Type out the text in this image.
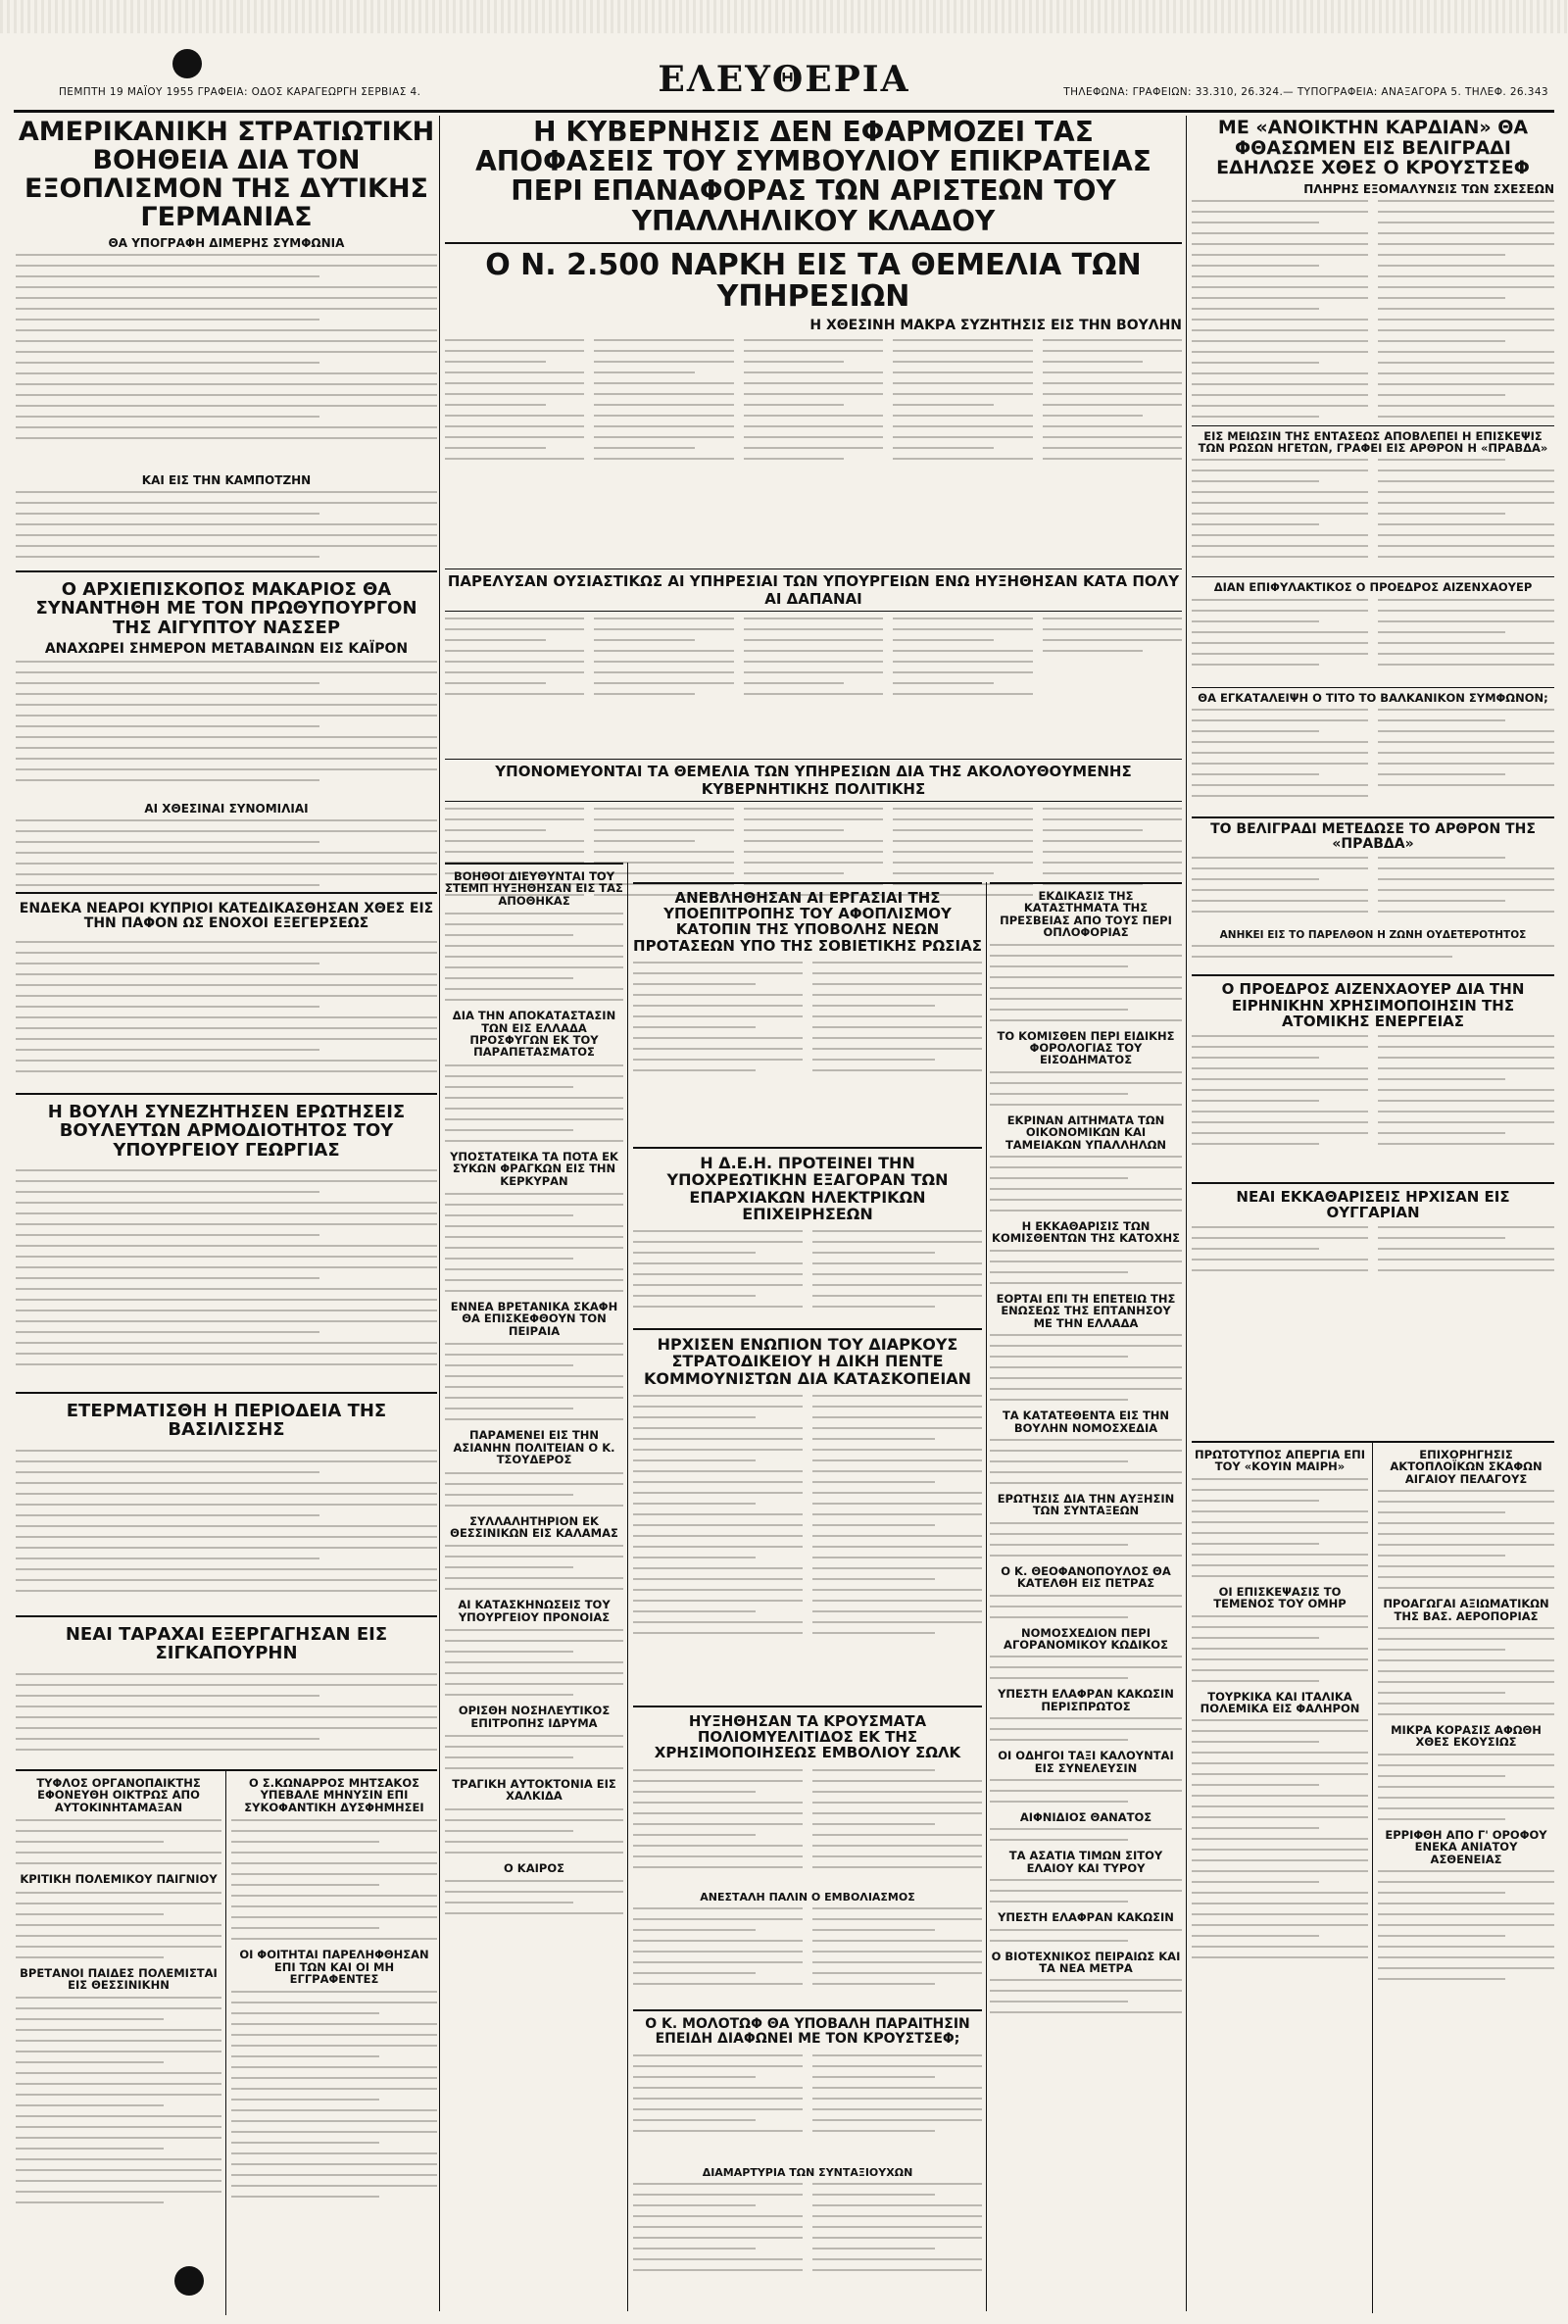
ΠΕΜΠΤΗ 19 ΜΑΪΟΥ 1955 ΓΡΑΦΕΙΑ: ΟΔΟΣ ΚΑΡΑΓΕΩΡΓΗ ΣΕΡΒΙΑΣ 4.	ΕΛΕΥΘΕΡΙΑ	ΤΗΛΕΦΩΝΑ: ΓΡΑΦΕΙΩΝ: 33.310, 26.324.— ΤΥΠΟΓΡΑΦΕΙΑ: ΑΝΑΞΑΓΟΡΑ 5. ΤΗΛΕΦ. 26.343
ΑΜΕΡΙΚΑΝΙΚΗ ΣΤΡΑΤΙΩΤΙΚΗ ΒΟΗΘΕΙΑ ΔΙΑ ΤΟΝ ΕΞΟΠΛΙΣΜΟΝ ΤΗΣ ΔΥΤΙΚΗΣ ΓΕΡΜΑΝΙΑΣ
ΘΑ ΥΠΟΓΡΑΦΗ ΔΙΜΕΡΗΣ ΣΥΜΦΩΝΙΑ
ΚΑΙ ΕΙΣ ΤΗΝ ΚΑΜΠΟΤΖΗΝ
Ο ΑΡΧΙΕΠΙΣΚΟΠΟΣ ΜΑΚΑΡΙΟΣ ΘΑ ΣΥΝΑΝΤΗΘΗ ΜΕ ΤΟΝ ΠΡΩΘΥΠΟΥΡΓΟΝ ΤΗΣ ΑΙΓΥΠΤΟΥ ΝΑΣΣΕΡ
ΑΝΑΧΩΡΕΙ ΣΗΜΕΡΟΝ ΜΕΤΑΒΑΙΝΩΝ ΕΙΣ ΚΑΪΡΟΝ
ΑΙ ΧΘΕΣΙΝΑΙ ΣΥΝΟΜΙΛΙΑΙ
ΕΝΔΕΚΑ ΝΕΑΡΟΙ ΚΥΠΡΙΟΙ ΚΑΤΕΔΙΚΑΣΘΗΣΑΝ ΧΘΕΣ ΕΙΣ ΤΗΝ ΠΑΦΟΝ ΩΣ ΕΝΟΧΟΙ ΕΞΕΓΕΡΣΕΩΣ
Η ΒΟΥΛΗ ΣΥΝΕΖΗΤΗΣΕΝ ΕΡΩΤΗΣΕΙΣ ΒΟΥΛΕΥΤΩΝ ΑΡΜΟΔΙΟΤΗΤΟΣ ΤΟΥ ΥΠΟΥΡΓΕΙΟΥ ΓΕΩΡΓΙΑΣ
ΕΤΕΡΜΑΤΙΣΘΗ Η ΠΕΡΙΟΔΕΙΑ ΤΗΣ ΒΑΣΙΛΙΣΣΗΣ
ΝΕΑΙ ΤΑΡΑΧΑΙ ΕΞΕΡΓΑΓΗΣΑΝ ΕΙΣ ΣΙΓΚΑΠΟΥΡΗΝ
ΤΥΦΛΟΣ ΟΡΓΑΝΟΠΑΙΚΤΗΣ ΕΦΟΝΕΥΘΗ ΟΙΚΤΡΩΣ ΑΠΟ ΑΥΤΟΚΙΝΗΤΑΜΑΞΑΝ
ΚΡΙΤΙΚΗ ΠΟΛΕΜΙΚΟΥ ΠΑΙΓΝΙΟΥ
ΒΡΕΤΑΝΟΙ ΠΑΙΔΕΣ ΠΟΛΕΜΙΣΤΑΙ ΕΙΣ ΘΕΣΣΙΝΙΚΗΝ
Ο Σ.ΚΩΝΑΡΡΟΣ ΜΗΤΣΑΚΟΣ ΥΠΕΒΑΛΕ ΜΗΝΥΣΙΝ ΕΠΙ ΣΥΚΟΦΑΝΤΙΚΗ ΔΥΣΦΗΜΗΣΕΙ
ΟΙ ΦΟΙΤΗΤΑΙ ΠΑΡΕΛΗΦΘΗΣΑΝ ΕΠΙ ΤΩΝ ΚΑΙ ΟΙ ΜΗ ΕΓΓΡΑΦΕΝΤΕΣ
Η ΚΥΒΕΡΝΗΣΙΣ ΔΕΝ ΕΦΑΡΜΟΖΕΙ ΤΑΣ ΑΠΟΦΑΣΕΙΣ ΤΟΥ ΣΥΜΒΟΥΛΙΟΥ ΕΠΙΚΡΑΤΕΙΑΣ ΠΕΡΙ ΕΠΑΝΑΦΟΡΑΣ ΤΩΝ ΑΡΙΣΤΕΩΝ ΤΟΥ ΥΠΑΛΛΗΛΙΚΟΥ ΚΛΑΔΟΥ
Ο Ν. 2.500 ΝΑΡΚΗ ΕΙΣ ΤΑ ΘΕΜΕΛΙΑ ΤΩΝ ΥΠΗΡΕΣΙΩΝ
Η ΧΘΕΣΙΝΗ ΜΑΚΡΑ ΣΥΖΗΤΗΣΙΣ ΕΙΣ ΤΗΝ ΒΟΥΛΗΝ
ΠΑΡΕΛΥΣΑΝ ΟΥΣΙΑΣΤΙΚΩΣ ΑΙ ΥΠΗΡΕΣΙΑΙ ΤΩΝ ΥΠΟΥΡΓΕΙΩΝ ΕΝΩ ΗΥΞΗΘΗΣΑΝ ΚΑΤΑ ΠΟΛΥ ΑΙ ΔΑΠΑΝΑΙ
ΥΠΟΝΟΜΕΥΟΝΤΑΙ ΤΑ ΘΕΜΕΛΙΑ ΤΩΝ ΥΠΗΡΕΣΙΩΝ ΔΙΑ ΤΗΣ ΑΚΟΛΟΥΘΟΥΜΕΝΗΣ ΚΥΒΕΡΝΗΤΙΚΗΣ ΠΟΛΙΤΙΚΗΣ
ΒΟΗΘΟΙ ΔΙΕΥΘΥΝΤΑΙ ΤΟΥ ΣΤΕΜΠ ΗΥΞΗΘΗΣΑΝ ΕΙΣ ΤΑΣ ΑΠΟΘΗΚΑΣ
ΔΙΑ ΤΗΝ ΑΠΟΚΑΤΑΣΤΑΣΙΝ ΤΩΝ ΕΙΣ ΕΛΛΑΔΑ ΠΡΟΣΦΥΓΩΝ ΕΚ ΤΟΥ ΠΑΡΑΠΕΤΑΣΜΑΤΟΣ
ΥΠΟΣΤΑΤΕΙΚΑ ΤΑ ΠΟΤΑ ΕΚ ΣΥΚΩΝ ΦΡΑΓΚΩΝ ΕΙΣ ΤΗΝ ΚΕΡΚΥΡΑΝ
ΕΝΝΕΑ ΒΡΕΤΑΝΙΚΑ ΣΚΑΦΗ ΘΑ ΕΠΙΣΚΕΦΘΟΥΝ ΤΟΝ ΠΕΙΡΑΙΑ
ΠΑΡΑΜΕΝΕΙ ΕΙΣ ΤΗΝ ΑΣΙΑΝΗΝ ΠΟΛΙΤΕΙΑΝ Ο Κ. ΤΣΟΥΔΕΡΟΣ
ΣΥΛΛΑΛΗΤΗΡΙΟΝ ΕΚ ΘΕΣΣΙΝΙΚΩΝ ΕΙΣ ΚΑΛΑΜΑΣ
ΑΙ ΚΑΤΑΣΚΗΝΩΣΕΙΣ ΤΟΥ ΥΠΟΥΡΓΕΙΟΥ ΠΡΟΝΟΙΑΣ
ΟΡΙΣΘΗ ΝΟΣΗΛΕΥΤΙΚΟΣ ΕΠΙΤΡΟΠΗΣ ΙΔΡΥΜΑ
ΤΡΑΓΙΚΗ ΑΥΤΟΚΤΟΝΙΑ ΕΙΣ ΧΑΛΚΙΔΑ
Ο ΚΑΙΡΟΣ
ΑΝΕΒΛΗΘΗΣΑΝ ΑΙ ΕΡΓΑΣΙΑΙ ΤΗΣ ΥΠΟΕΠΙΤΡΟΠΗΣ ΤΟΥ ΑΦΟΠΛΙΣΜΟΥ ΚΑΤΟΠΙΝ ΤΗΣ ΥΠΟΒΟΛΗΣ ΝΕΩΝ ΠΡΟΤΑΣΕΩΝ ΥΠΟ ΤΗΣ ΣΟΒΙΕΤΙΚΗΣ ΡΩΣΙΑΣ
Η Δ.Ε.Η. ΠΡΟΤΕΙΝΕΙ ΤΗΝ ΥΠΟΧΡΕΩΤΙΚΗΝ ΕΞΑΓΟΡΑΝ ΤΩΝ ΕΠΑΡΧΙΑΚΩΝ ΗΛΕΚΤΡΙΚΩΝ ΕΠΙΧΕΙΡΗΣΕΩΝ
ΗΡΧΙΣΕΝ ΕΝΩΠΙΟΝ ΤΟΥ ΔΙΑΡΚΟΥΣ ΣΤΡΑΤΟΔΙΚΕΙΟΥ Η ΔΙΚΗ ΠΕΝΤΕ ΚΟΜΜΟΥΝΙΣΤΩΝ ΔΙΑ ΚΑΤΑΣΚΟΠΕΙΑΝ
ΗΥΞΗΘΗΣΑΝ ΤΑ ΚΡΟΥΣΜΑΤΑ ΠΟΛΙΟΜΥΕΛΙΤΙΔΟΣ ΕΚ ΤΗΣ ΧΡΗΣΙΜΟΠΟΙΗΣΕΩΣ ΕΜΒΟΛΙΟΥ ΣΩΛΚ
ΑΝΕΣΤΑΛΗ ΠΑΛΙΝ Ο ΕΜΒΟΛΙΑΣΜΟΣ
Ο Κ. ΜΟΛΟΤΩΦ ΘΑ ΥΠΟΒΑΛΗ ΠΑΡΑΙΤΗΣΙΝ ΕΠΕΙΔΗ ΔΙΑΦΩΝΕΙ ΜΕ ΤΟΝ ΚΡΟΥΣΤΣΕΦ;
ΔΙΑΜΑΡΤΥΡΙΑ ΤΩΝ ΣΥΝΤΑΞΙΟΥΧΩΝ
ΕΚΔΙΚΑΣΙΣ ΤΗΣ ΚΑΤΑΣΤΗΜΑΤΑ ΤΗΣ ΠΡΕΣΒΕΙΑΣ ΑΠΟ ΤΟΥΣ ΠΕΡΙ ΟΠΛΟΦΟΡΙΑΣ
ΤΟ ΚΟΜΙΣΘΕΝ ΠΕΡΙ ΕΙΔΙΚΗΣ ΦΟΡΟΛΟΓΙΑΣ ΤΟΥ ΕΙΣΟΔΗΜΑΤΟΣ
ΕΚΡΙΝΑΝ ΑΙΤΗΜΑΤΑ ΤΩΝ ΟΙΚΟΝΟΜΙΚΩΝ ΚΑΙ ΤΑΜΕΙΑΚΩΝ ΥΠΑΛΛΗΛΩΝ
Η ΕΚΚΑΘΑΡΙΣΙΣ ΤΩΝ ΚΟΜΙΣΘΕΝΤΩΝ ΤΗΣ ΚΑΤΟΧΗΣ
ΕΟΡΤΑΙ ΕΠΙ ΤΗ ΕΠΕΤΕΙΩ ΤΗΣ ΕΝΩΣΕΩΣ ΤΗΣ ΕΠΤΑΝΗΣΟΥ ΜΕ ΤΗΝ ΕΛΛΑΔΑ
ΤΑ ΚΑΤΑΤΕΘΕΝΤΑ ΕΙΣ ΤΗΝ ΒΟΥΛΗΝ ΝΟΜΟΣΧΕΔΙΑ
ΕΡΩΤΗΣΙΣ ΔΙΑ ΤΗΝ ΑΥΞΗΣΙΝ ΤΩΝ ΣΥΝΤΑΞΕΩΝ
Ο Κ. ΘΕΟΦΑΝΟΠΟΥΛΟΣ ΘΑ ΚΑΤΕΛΘΗ ΕΙΣ ΠΕΤΡΑΣ
ΝΟΜΟΣΧΕΔΙΟΝ ΠΕΡΙ ΑΓΟΡΑΝΟΜΙΚΟΥ ΚΩΔΙΚΟΣ
ΥΠΕΣΤΗ ΕΛΑΦΡΑΝ ΚΑΚΩΣΙΝ ΠΕΡΙΣΠΡΩΤΟΣ
ΟΙ ΟΔΗΓΟΙ ΤΑΞΙ ΚΑΛΟΥΝΤΑΙ ΕΙΣ ΣΥΝΕΛΕΥΣΙΝ
ΑΙΦΝΙΔΙΟΣ ΘΑΝΑΤΟΣ
ΤΑ ΑΣΑΤΙΑ ΤΙΜΩΝ ΣΙΤΟΥ ΕΛΑΙΟΥ ΚΑΙ ΤΥΡΟΥ
ΥΠΕΣΤΗ ΕΛΑΦΡΑΝ ΚΑΚΩΣΙΝ
Ο ΒΙΟΤΕΧΝΙΚΟΣ ΠΕΙΡΑΙΩΣ ΚΑΙ ΤΑ ΝΕΑ ΜΕΤΡΑ
ΜΕ «ΑΝΟΙΚΤΗΝ ΚΑΡΔΙΑΝ» ΘΑ ΦΘΑΣΩΜΕΝ ΕΙΣ ΒΕΛΙΓΡΑΔΙ ΕΔΗΛΩΣΕ ΧΘΕΣ Ο ΚΡΟΥΣΤΣΕΦ
ΠΛΗΡΗΣ ΕΞΟΜΑΛΥΝΣΙΣ ΤΩΝ ΣΧΕΣΕΩΝ
ΕΙΣ ΜΕΙΩΣΙΝ ΤΗΣ ΕΝΤΑΣΕΩΣ ΑΠΟΒΛΕΠΕΙ Η ΕΠΙΣΚΕΨΙΣ ΤΩΝ ΡΩΣΩΝ ΗΓΕΤΩΝ, ΓΡΑΦΕΙ ΕΙΣ ΑΡΘΡΟΝ Η «ΠΡΑΒΔΑ»
ΔΙΑΝ ΕΠΙΦΥΛΑΚΤΙΚΟΣ Ο ΠΡΟΕΔΡΟΣ ΑΙΖΕΝΧΑΟΥΕΡ
ΘΑ ΕΓΚΑΤΑΛΕΙΨΗ Ο ΤΙΤΟ ΤΟ ΒΑΛΚΑΝΙΚΟΝ ΣΥΜΦΩΝΟΝ;
ΤΟ ΒΕΛΙΓΡΑΔΙ ΜΕΤΕΔΩΣΕ ΤΟ ΑΡΘΡΟΝ ΤΗΣ «ΠΡΑΒΔΑ»
ΑΝΗΚΕΙ ΕΙΣ ΤΟ ΠΑΡΕΛΘΟΝ Η ΖΩΝΗ ΟΥΔΕΤΕΡΟΤΗΤΟΣ
Ο ΠΡΟΕΔΡΟΣ ΑΙΖΕΝΧΑΟΥΕΡ ΔΙΑ ΤΗΝ ΕΙΡΗΝΙΚΗΝ ΧΡΗΣΙΜΟΠΟΙΗΣΙΝ ΤΗΣ ΑΤΟΜΙΚΗΣ ΕΝΕΡΓΕΙΑΣ
ΝΕΑΙ ΕΚΚΑΘΑΡΙΣΕΙΣ ΗΡΧΙΣΑΝ ΕΙΣ ΟΥΓΓΑΡΙΑΝ
ΠΡΩΤΟΤΥΠΟΣ ΑΠΕΡΓΙΑ ΕΠΙ ΤΟΥ «ΚΟΥΙΝ ΜΑΙΡΗ»
ΟΙ ΕΠΙΣΚΕΨΑΣΙΣ ΤΟ ΤΕΜΕΝΟΣ ΤΟΥ ΟΜΗΡ
ΤΟΥΡΚΙΚΑ ΚΑΙ ΙΤΑΛΙΚΑ ΠΟΛΕΜΙΚΑ ΕΙΣ ΦΑΛΗΡΟΝ
ΕΠΙΧΟΡΗΓΗΣΙΣ ΑΚΤΟΠΛΟΪΚΩΝ ΣΚΑΦΩΝ ΑΙΓΑΙΟΥ ΠΕΛΑΓΟΥΣ
ΠΡΟΑΓΩΓΑΙ ΑΞΙΩΜΑΤΙΚΩΝ ΤΗΣ ΒΑΣ. ΑΕΡΟΠΟΡΙΑΣ
ΜΙΚΡΑ ΚΟΡΑΣΙΣ ΑΦΩΘΗ ΧΘΕΣ ΕΚΟΥΣΙΩΣ
ΕΡΡΙΦΘΗ ΑΠΟ Γ' ΟΡΟΦΟΥ ΕΝΕΚΑ ΑΝΙΑΤΟΥ ΑΣΘΕΝΕΙΑΣ
